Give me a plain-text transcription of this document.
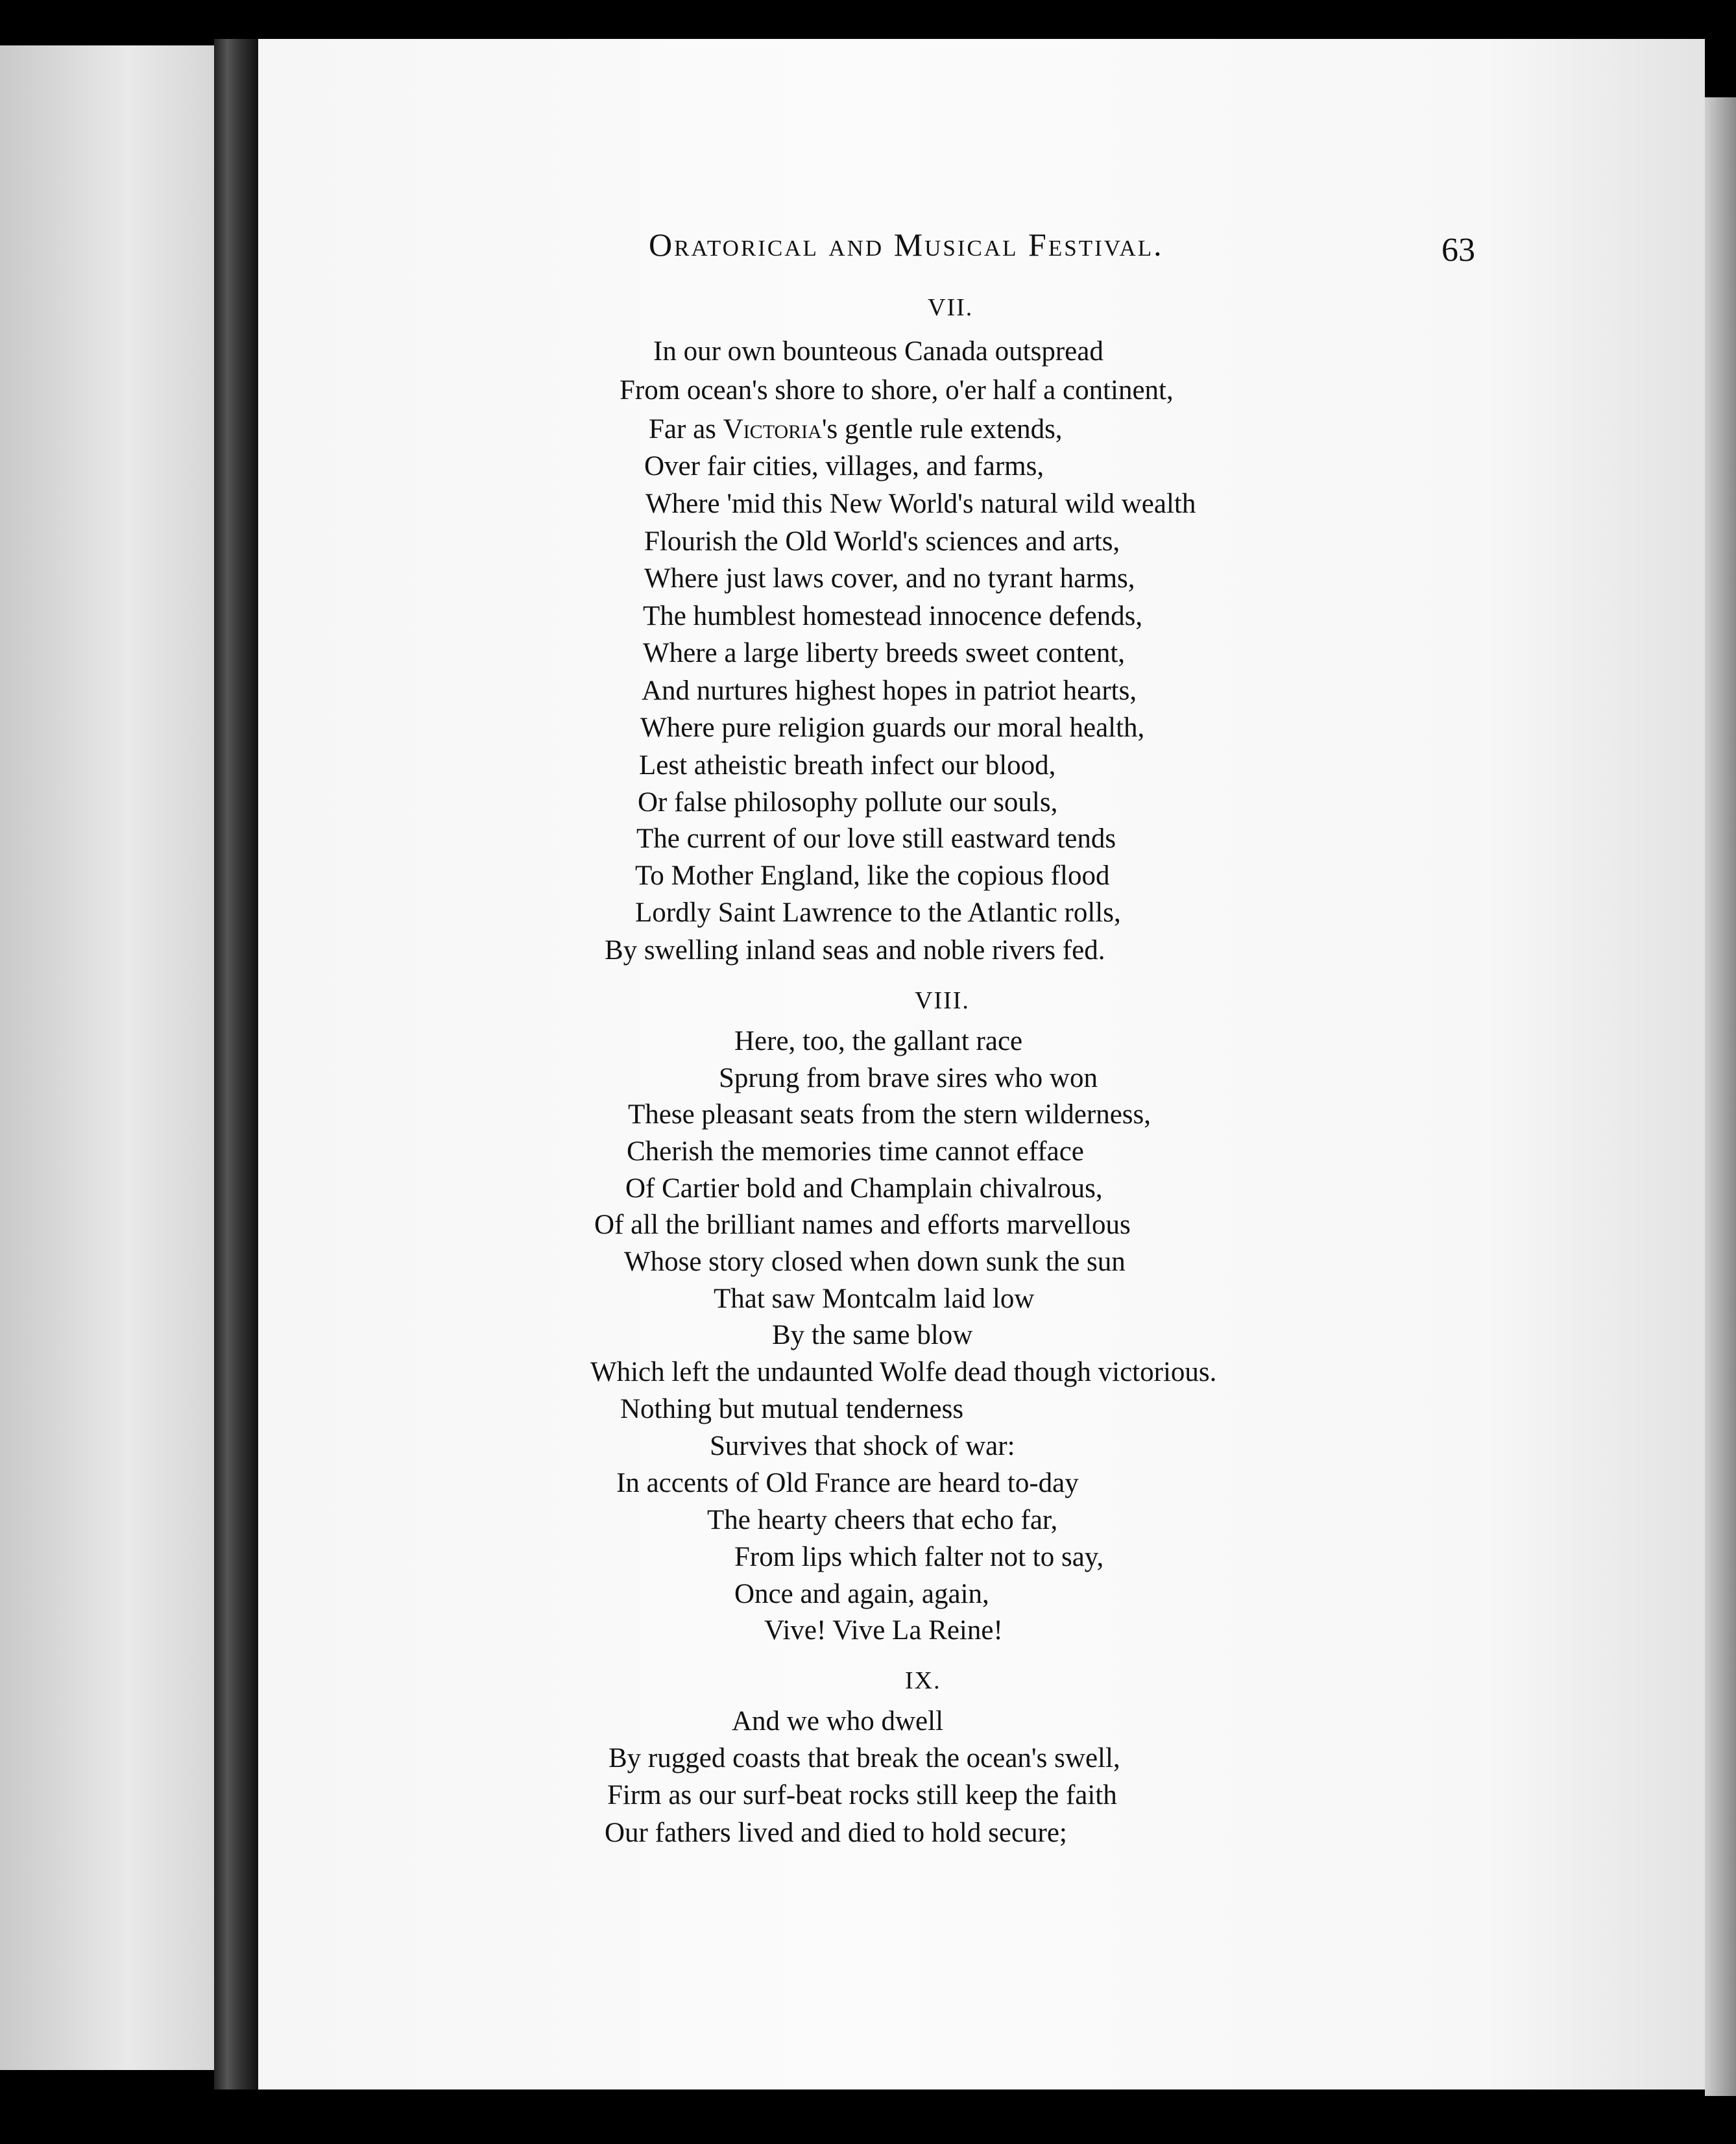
Oratorical and Musical Festival.	63
VII.
In our own bounteous Canada outspread
From ocean's shore to shore, o'er half a continent,
Far as Victoria's gentle rule extends,
Over fair cities, villages, and farms,
Where 'mid this New World's natural wild wealth
Flourish the Old World's sciences and arts,
Where just laws cover, and no tyrant harms,
The humblest homestead innocence defends,
Where a large liberty breeds sweet content,
And nurtures highest hopes in patriot hearts,
Where pure religion guards our moral health,
Lest atheistic breath infect our blood,
Or false philosophy pollute our souls,
The current of our love still eastward tends
To Mother England, like the copious flood
Lordly Saint Lawrence to the Atlantic rolls,
By swelling inland seas and noble rivers fed.
VIII.
Here, too, the gallant race
Sprung from brave sires who won
These pleasant seats from the stern wilderness,
Cherish the memories time cannot efface
Of Cartier bold and Champlain chivalrous,
Of all the brilliant names and efforts marvellous
Whose story closed when down sunk the sun
That saw Montcalm laid low
By the same blow
Which left the undaunted Wolfe dead though victorious.
Nothing but mutual tenderness
Survives that shock of war:
In accents of Old France are heard to-day
The hearty cheers that echo far,
From lips which falter not to say,
Once and again, again,
Vive! Vive La Reine!
IX.
And we who dwell
By rugged coasts that break the ocean's swell,
Firm as our surf-beat rocks still keep the faith
Our fathers lived and died to hold secure;
